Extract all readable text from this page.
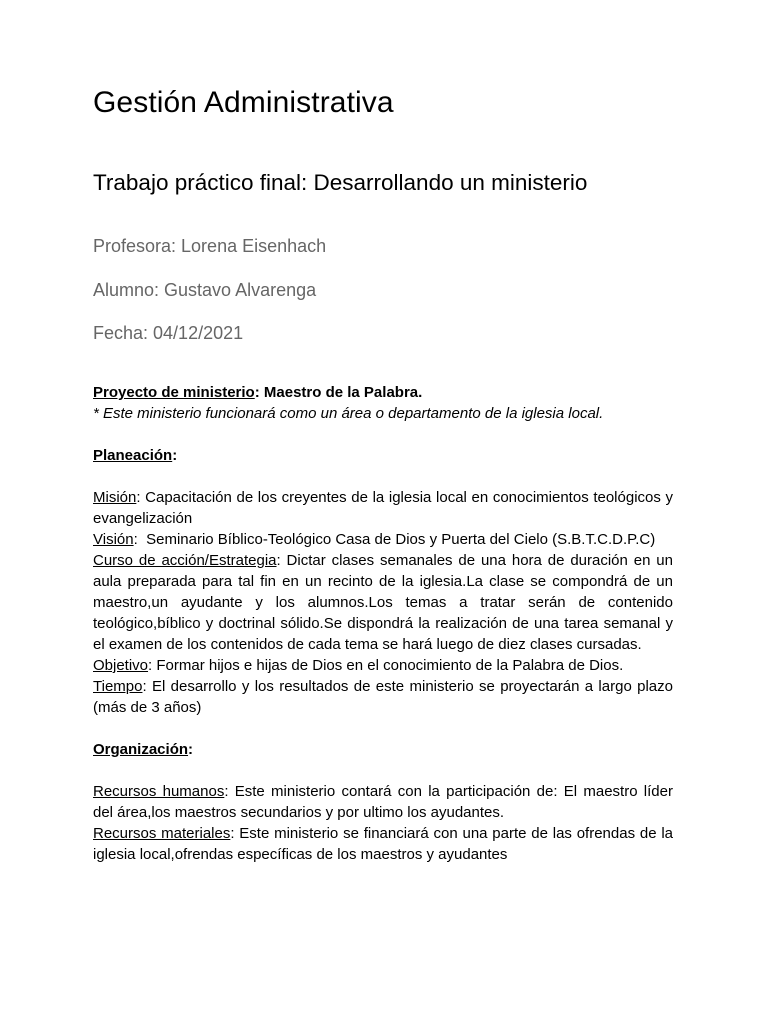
Gestión Administrativa
Trabajo práctico final: Desarrollando un ministerio

Profesora: Lorena Eisenhach

Alumno: Gustavo Alvarenga

Fecha: 04/12/2021

Proyecto de ministerio: Maestro de la Palabra.

* Este ministerio funcionará como un área o departamento de la iglesia local.

Planeación:

Misión: Capacitación de los creyentes de la iglesia local en conocimientos teológicos y evangelización

Visión:  Seminario Bíblico-Teológico Casa de Dios y Puerta del Cielo (S.B.T.C.D.P.C)

Curso de acción/Estrategia: Dictar clases semanales de una hora de duración en un aula preparada para tal fin en un recinto de la iglesia.La clase se compondrá de un maestro,un ayudante y los alumnos.Los temas a tratar serán de contenido teológico,bíblico y doctrinal sólido.Se dispondrá la realización de una tarea semanal y el examen de los contenidos de cada tema se hará luego de diez clases cursadas.

Objetivo: Formar hijos e hijas de Dios en el conocimiento de la Palabra de Dios.

Tiempo: El desarrollo y los resultados de este ministerio se proyectarán a largo plazo (más de 3 años)

Organización:

Recursos humanos: Este ministerio contará con la participación de: El maestro líder del área,los maestros secundarios y por ultimo los ayudantes.

Recursos materiales: Este ministerio se financiará con una parte de las ofrendas de la iglesia local,ofrendas específicas de los maestros y ayudantes
